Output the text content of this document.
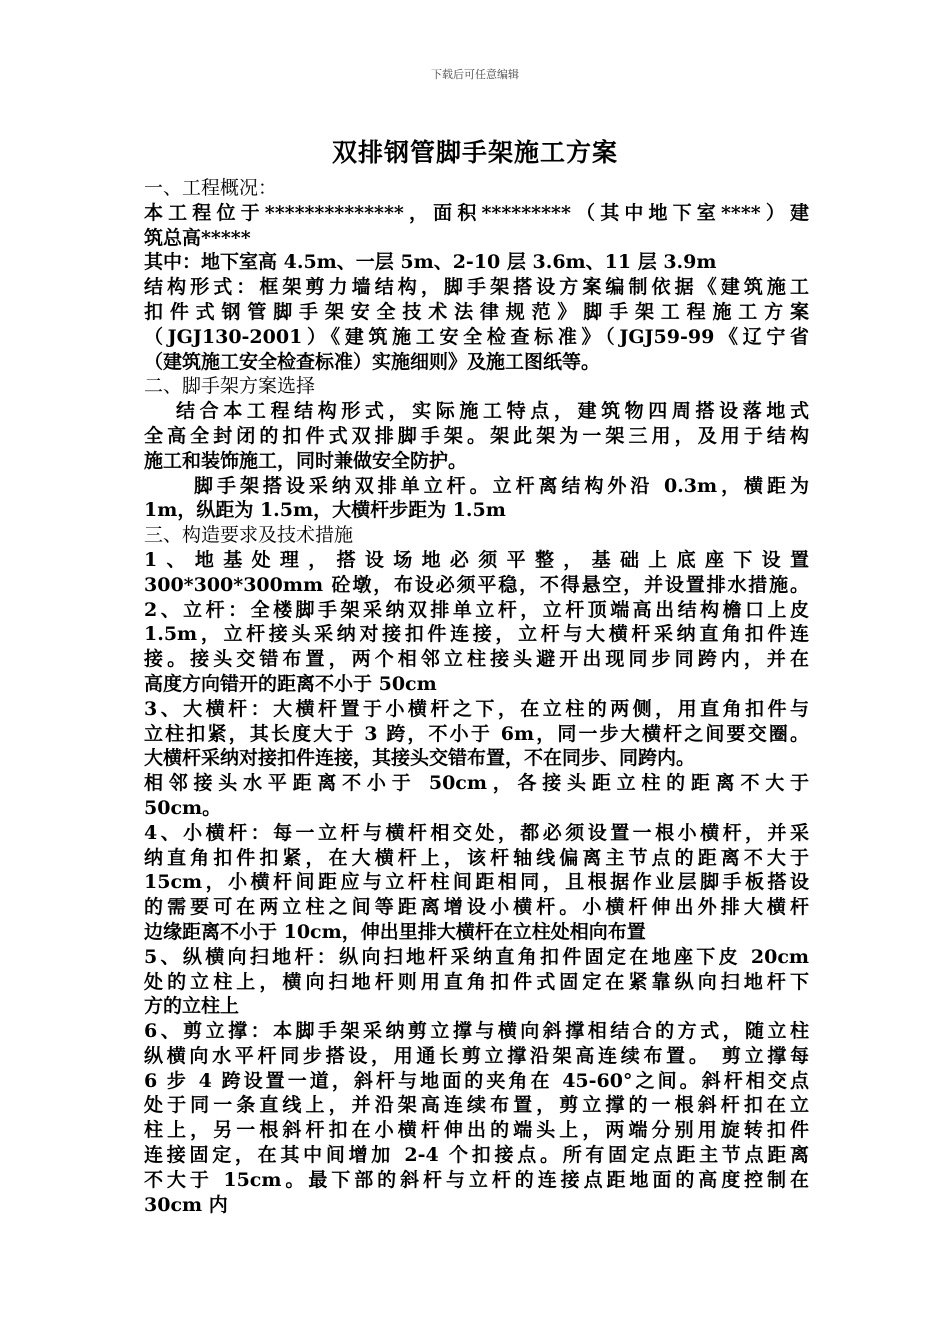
下载后可任意编辑
双排钢管脚手架施工方案
一、工程概况：
本工程位于**************，面积*********（其中地下室****）建
筑总高*****
其中：地下室高 4.5m、一层 5m、2-10 层 3.6m、11 层 3.9m
结构形式：框架剪力墙结构，脚手架搭设方案编制依据《建筑施工
扣件式钢管脚手架安全技术法律规范》脚手架工程施工方案
（JGJ130-2001）《建筑施工安全检查标准》（JGJ59-99《辽宁省
（建筑施工安全检查标准）实施细则》及施工图纸等。
二、脚手架方案选择
结合本工程结构形式，实际施工特点，建筑物四周搭设落地式
全高全封闭的扣件式双排脚手架。架此架为一架三用，及用于结构
施工和装饰施工，同时兼做安全防护。
脚手架搭设采纳双排单立杆。立杆离结构外沿 0.3m，横距为
1m，纵距为 1.5m，大横杆步距为 1.5m
三、构造要求及技术措施
1、地基处理，搭设场地必须平整，基础上底座下设置
300*300*300mm 砼墩，布设必须平稳，不得悬空，并设置排水措施。
2、立杆：全楼脚手架采纳双排单立杆，立杆顶端高出结构檐口上皮
1.5m，立杆接头采纳对接扣件连接，立杆与大横杆采纳直角扣件连
接。接头交错布置，两个相邻立柱接头避开出现同步同跨内，并在
高度方向错开的距离不小于 50cm
3、大横杆：大横杆置于小横杆之下，在立柱的两侧，用直角扣件与
立柱扣紧，其长度大于 3 跨，不小于 6m，同一步大横杆之间要交圈。
大横杆采纳对接扣件连接，其接头交错布置，不在同步、同跨内。
相邻接头水平距离不小于 50cm，各接头距立柱的距离不大于
50cm。
4、小横杆：每一立杆与横杆相交处，都必须设置一根小横杆，并采
纳直角扣件扣紧，在大横杆上，该杆轴线偏离主节点的距离不大于
15cm，小横杆间距应与立杆柱间距相同，且根据作业层脚手板搭设
的需要可在两立柱之间等距离增设小横杆。小横杆伸出外排大横杆
边缘距离不小于 10cm，伸出里排大横杆在立柱处相向布置
5、纵横向扫地杆：纵向扫地杆采纳直角扣件固定在地座下皮 20cm
处的立柱上，横向扫地杆则用直角扣件式固定在紧靠纵向扫地杆下
方的立柱上
6、剪立撑：本脚手架采纳剪立撑与横向斜撑相结合的方式，随立柱
纵横向水平杆同步搭设，用通长剪立撑沿架高连续布置。 剪立撑每
6 步 4 跨设置一道，斜杆与地面的夹角在 45-60°之间。斜杆相交点
处于同一条直线上，并沿架高连续布置，剪立撑的一根斜杆扣在立
柱上，另一根斜杆扣在小横杆伸出的端头上，两端分别用旋转扣件
连接固定，在其中间增加 2-4 个扣接点。所有固定点距主节点距离
不大于 15cm。最下部的斜杆与立杆的连接点距地面的高度控制在
30cm 内
